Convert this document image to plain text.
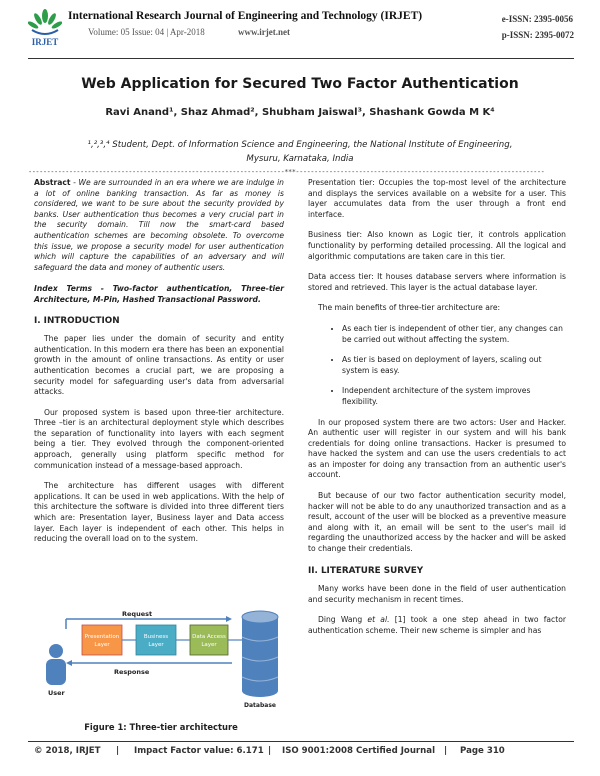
IRJET
International Research Journal of Engineering and Technology (IRJET)
Volume: 05 Issue: 04 | Apr-2018	www.irjet.net
e-ISSN: 2395-0056
p-ISSN: 2395-0072
Web Application for Secured Two Factor Authentication
Ravi Anand¹, Shaz Ahmad², Shubham Jaiswal³, Shashank Gowda M K⁴
¹,²,³,⁴ Student, Dept. of Information Science and Engineering, the National Institute of Engineering,
Mysuru, Karnataka, India
---------------------------------------------------------------------***-------------------------------------------------------------------

Abstract - We are surrounded in an era where we are indulge in a lot of online banking transaction. As far as money is considered, we want to be sure about the security provided by banks. User authentication thus becomes a very crucial part in the security domain. Till now the smart-card based authentication schemes are becoming obsolete. To overcome this issue, we propose a security model for user authentication which will capture the capabilities of an adversary and will safeguard the data and money of authentic users.

Index Terms - Two-factor authentication, Three-tier Architecture, M-Pin, Hashed Transactional Password.

I. INTRODUCTION

The paper lies under the domain of security and entity authentication. In this modern era there has been an exponential growth in the amount of online transactions. As entity or user authentication becomes a crucial part, we are proposing a security model for safeguarding user's data from adversarial attacks.

Our proposed system is based upon three-tier architecture. Three –tier is an architectural deployment style which describes the separation of functionality into layers with each segment being a tier. They evolved through the component-oriented approach, generally using platform specific method for communication instead of a message-based approach.

The architecture has different usages with different applications. It can be used in web applications. With the help of this architecture the software is divided into three different tiers which are: Presentation layer, Business layer and Data access layer. Each layer is independent of each other. This helps in reducing the overall load on to the system.

Request
Presentation
Layer
Business
Layer
Data Access
Layer
Response
User
Database
Figure 1: Three-tier architecture

Presentation tier: Occupies the top-most level of the architecture and displays the services available on a website for a user. This layer accumulates data from the user through a front end interface.

Business tier: Also known as Logic tier, it controls application functionality by performing detailed processing. All the logical and algorithmic computations are taken care in this tier.

Data access tier: It houses database servers where information is stored and retrieved. This layer is the actual database layer.

The main benefits of three-tier architecture are:

• As each tier is independent of other tier, any changes can be carried out without affecting the system.
• As tier is based on deployment of layers, scaling out system is easy.
• Independent architecture of the system improves flexibility.

In our proposed system there are two actors: User and Hacker. An authentic user will register in our system and will his bank credentials for doing online transactions. Hacker is presumed to have hacked the system and can use the users credentials to act as an imposter for doing any transaction from an authentic user's account.

But because of our two factor authentication security model, hacker will not be able to do any unauthorized transaction and as a result, account of the user will be blocked as a preventive measure and along with it, an email will be sent to the user's mail id regarding the unauthorized access by the hacker and will be asked to change their credentials.

II. LITERATURE SURVEY

Many works have been done in the field of user authentication and security mechanism in recent times.

Ding Wang et al. [1] took a one step ahead in two factor authentication scheme. Their new scheme is simpler and has

© 2018, IRJET | Impact Factor value: 6.171 | ISO 9001:2008 Certified Journal | Page 310
